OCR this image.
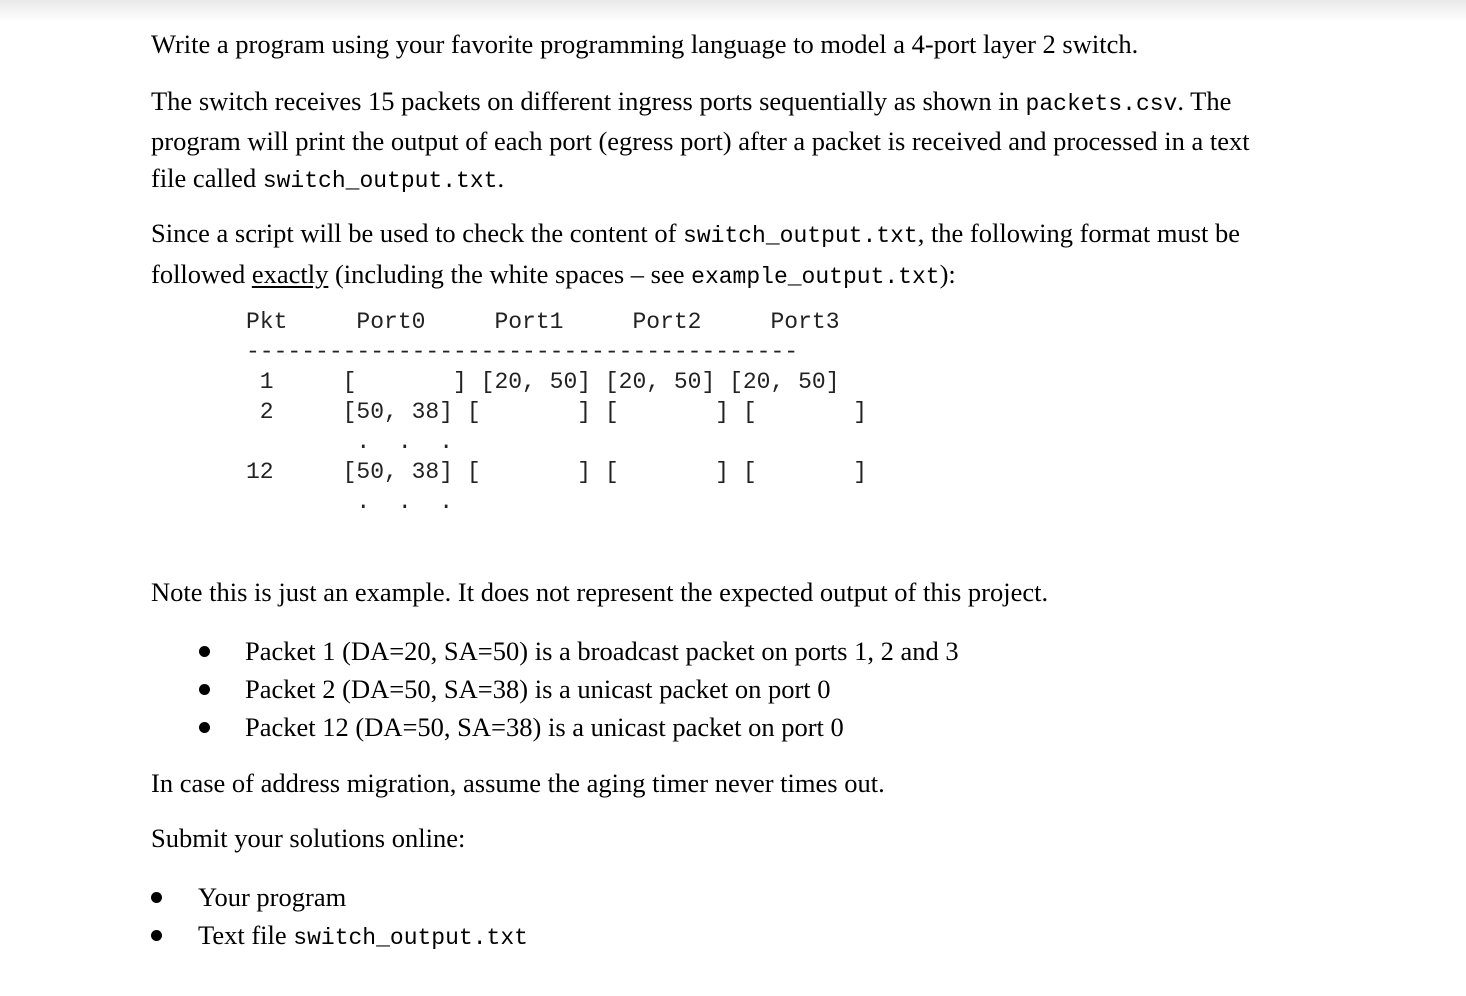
Write a program using your favorite programming language to model a 4-port layer 2 switch.

The switch receives 15 packets on different ingress ports sequentially as shown in packets.csv. The
program will print the output of each port (egress port) after a packet is received and processed in a text
file called switch_output.txt.

Since a script will be used to check the content of switch_output.txt, the following format must be
followed exactly (including the white spaces – see example_output.txt):

Pkt     Port0     Port1     Port2     Port3
----------------------------------------
1     [       ] [20, 50] [20, 50] [20, 50]
2     [50, 38] [       ] [       ] [       ]
.  .  .
12     [50, 38] [       ] [       ] [       ]
.  .  .

Note this is just an example. It does not represent the expected output of this project.

Packet 1 (DA=20, SA=50) is a broadcast packet on ports 1, 2 and 3
Packet 2 (DA=50, SA=38) is a unicast packet on port 0
Packet 12 (DA=50, SA=38) is a unicast packet on port 0

In case of address migration, assume the aging timer never times out.

Submit your solutions online:

Your program
Text file switch_output.txt
